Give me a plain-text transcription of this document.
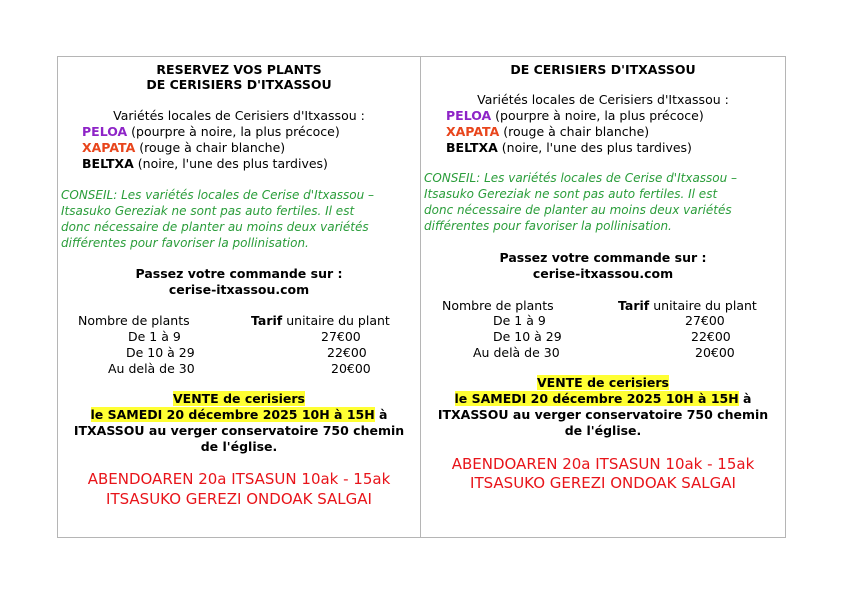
RESERVEZ VOS PLANTS
DE CERISIERS D'ITXASSOU
Variétés locales de Cerisiers d'Itxassou :
PELOA (pourpre à noire, la plus précoce)
XAPATA (rouge à chair blanche)
BELTXA (noire, l'une des plus tardives)
CONSEIL: Les variétés locales de Cerise d'Itxassou –
Itsasuko Gereziak ne sont pas auto fertiles. Il est
donc nécessaire de planter au moins deux variétés
différentes pour favoriser la pollinisation.
Passez votre commande sur :
cerise-itxassou.com
Nombre de plants	Tarif unitaire du plant
De 1 à 9	27€00
De 10 à 29	22€00
Au delà de 30	20€00
VENTE de cerisiers
le SAMEDI 20 décembre 2025 10H à 15H à
ITXASSOU au verger conservatoire 750 chemin
de l'église.
ABENDOAREN 20a ITSASUN 10ak - 15ak
ITSASUKO GEREZI ONDOAK SALGAI
DE CERISIERS D'ITXASSOU
Variétés locales de Cerisiers d'Itxassou :
PELOA (pourpre à noire, la plus précoce)
XAPATA (rouge à chair blanche)
BELTXA (noire, l'une des plus tardives)
CONSEIL: Les variétés locales de Cerise d'Itxassou –
Itsasuko Gereziak ne sont pas auto fertiles. Il est
donc nécessaire de planter au moins deux variétés
différentes pour favoriser la pollinisation.
Passez votre commande sur :
cerise-itxassou.com
Nombre de plants	Tarif unitaire du plant
De 1 à 9	27€00
De 10 à 29	22€00
Au delà de 30	20€00
VENTE de cerisiers
le SAMEDI 20 décembre 2025 10H à 15H à
ITXASSOU au verger conservatoire 750 chemin
de l'église.
ABENDOAREN 20a ITSASUN 10ak - 15ak
ITSASUKO GEREZI ONDOAK SALGAI
